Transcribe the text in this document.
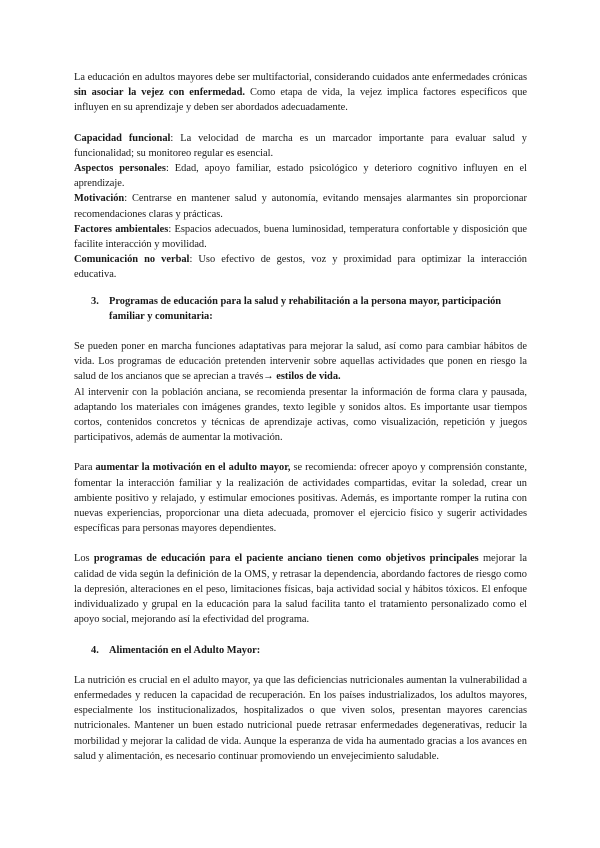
La educación en adultos mayores debe ser multifactorial, considerando cuidados ante enfermedades crónicas sin asociar la vejez con enfermedad. Como etapa de vida, la vejez implica factores específicos que influyen en su aprendizaje y deben ser abordados adecuadamente.

Capacidad funcional: La velocidad de marcha es un marcador importante para evaluar salud y funcionalidad; su monitoreo regular es esencial.

Aspectos personales: Edad, apoyo familiar, estado psicológico y deterioro cognitivo influyen en el aprendizaje.

Motivación: Centrarse en mantener salud y autonomía, evitando mensajes alarmantes sin proporcionar recomendaciones claras y prácticas.

Factores ambientales: Espacios adecuados, buena luminosidad, temperatura confortable y disposición que facilite interacción y movilidad.

Comunicación no verbal: Uso efectivo de gestos, voz y proximidad para optimizar la interacción educativa.

3. Programas de educación para la salud y rehabilitación a la persona mayor, participación familiar y comunitaria:

Se pueden poner en marcha funciones adaptativas para mejorar la salud, así como para cambiar hábitos de vida. Los programas de educación pretenden intervenir sobre aquellas actividades que ponen en riesgo la salud de los ancianos que se aprecian a través→ estilos de vida.

Al intervenir con la población anciana, se recomienda presentar la información de forma clara y pausada, adaptando los materiales con imágenes grandes, texto legible y sonidos altos. Es importante usar tiempos cortos, contenidos concretos y técnicas de aprendizaje activas, como visualización, repetición y juegos participativos, además de aumentar la motivación.

Para aumentar la motivación en el adulto mayor, se recomienda: ofrecer apoyo y comprensión constante, fomentar la interacción familiar y la realización de actividades compartidas, evitar la soledad, crear un ambiente positivo y relajado, y estimular emociones positivas. Además, es importante romper la rutina con nuevas experiencias, proporcionar una dieta adecuada, promover el ejercicio físico y sugerir actividades específicas para personas mayores dependientes.

Los programas de educación para el paciente anciano tienen como objetivos principales mejorar la calidad de vida según la definición de la OMS, y retrasar la dependencia, abordando factores de riesgo como la depresión, alteraciones en el peso, limitaciones físicas, baja actividad social y hábitos tóxicos. El enfoque individualizado y grupal en la educación para la salud facilita tanto el tratamiento personalizado como el apoyo social, mejorando así la efectividad del programa.

4. Alimentación en el Adulto Mayor:

La nutrición es crucial en el adulto mayor, ya que las deficiencias nutricionales aumentan la vulnerabilidad a enfermedades y reducen la capacidad de recuperación. En los países industrializados, los adultos mayores, especialmente los institucionalizados, hospitalizados o que viven solos, presentan mayores carencias nutricionales. Mantener un buen estado nutricional puede retrasar enfermedades degenerativas, reducir la morbilidad y mejorar la calidad de vida. Aunque la esperanza de vida ha aumentado gracias a los avances en salud y alimentación, es necesario continuar promoviendo un envejecimiento saludable.
